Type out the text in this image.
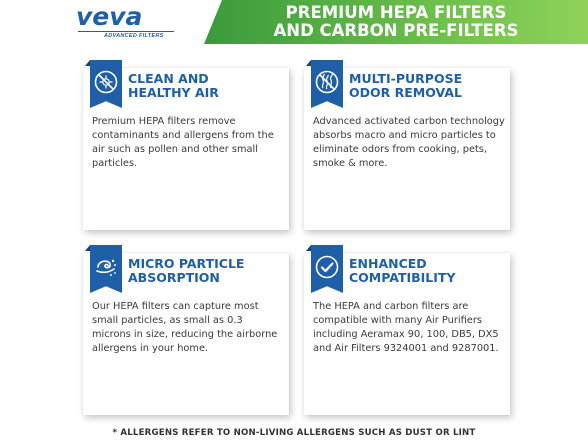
veva
ADVANCED FILTERS
PREMIUM HEPA FILTERS
AND CARBON PRE-FILTERS
CLEAN AND
HEALTHY AIR
Premium HEPA filters remove contaminants and allergens from the air such as pollen and other small particles.
MULTI-PURPOSE
ODOR REMOVAL
Advanced activated carbon technology absorbs macro and micro particles to eliminate odors from cooking, pets, smoke & more.
MICRO PARTICLE
ABSORPTION
Our HEPA filters can capture most small particles, as small as 0.3 microns in size, reducing the airborne allergens in your home.
ENHANCED
COMPATIBILITY
The HEPA and carbon filters are compatible with many Air Purifiers including Aeramax 90, 100, DB5, DX5 and Air Filters 9324001 and 9287001.
* ALLERGENS REFER TO NON-LIVING ALLERGENS SUCH AS DUST OR LINT
